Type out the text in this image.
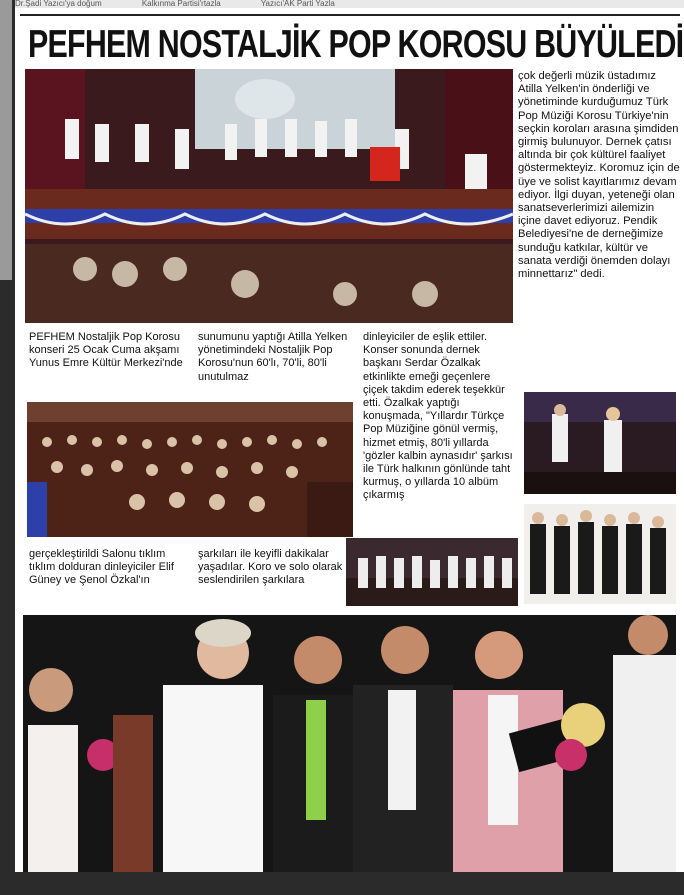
Dr.Şadi Yazıcı'ya doğum	Kalkınma Partisi'rtazla	Yazıcı'AK Parti Yazla
PEFHEM NOSTALJİK POP KOROSU BÜYÜLEDİ
çok değerli müzik üstadımız Atilla Yelken'in önderliği ve yönetiminde kurduğumuz Türk Pop Müziği Korosu Türkiye'nin seçkin koroları arasına şimdiden girmiş bulunuyor. Dernek çatısı altında bir çok kültürel faaliyet göstermekteyiz. Koromuz için de üye ve solist kayıtlarımız devam ediyor. İlgi duyan, yeteneği olan sanatseverlerimizi ailemizin içine davet ediyoruz. Pendik Belediyesi'ne de derneğimize sunduğu katkılar, kültür ve sanata verdiği önemden dolayı minnettarız" dedi.
PEFHEM Nostaljik Pop Korosu konseri 25 Ocak Cuma akşamı Yunus Emre Kültür Merkezi'nde
sunumunu yaptığı Atilla Yelken yönetimindeki Nostaljik Pop Korosu'nun 60'lı, 70'li, 80'li unutulmaz
dinleyiciler de eşlik ettiler. Konser sonunda dernek başkanı Serdar Özalkak etkinlikte emeği geçenlere çiçek takdim ederek teşekkür etti. Özalkak yaptığı konuşmada, "Yıllardır Türkçe Pop Müziğine gönül vermiş, hizmet etmiş, 80'li yıllarda 'gözler kalbin aynasıdır' şarkısı ile Türk halkının gönlünde taht kurmuş, o yıllarda 10 albüm çıkarmış
gerçekleştirildi Salonu tıklım tıklım dolduran dinleyiciler Elif Güney ve Şenol Özkal'ın
şarkıları ile keyifli dakikalar yaşadılar. Koro ve solo olarak seslendirilen şarkılara
